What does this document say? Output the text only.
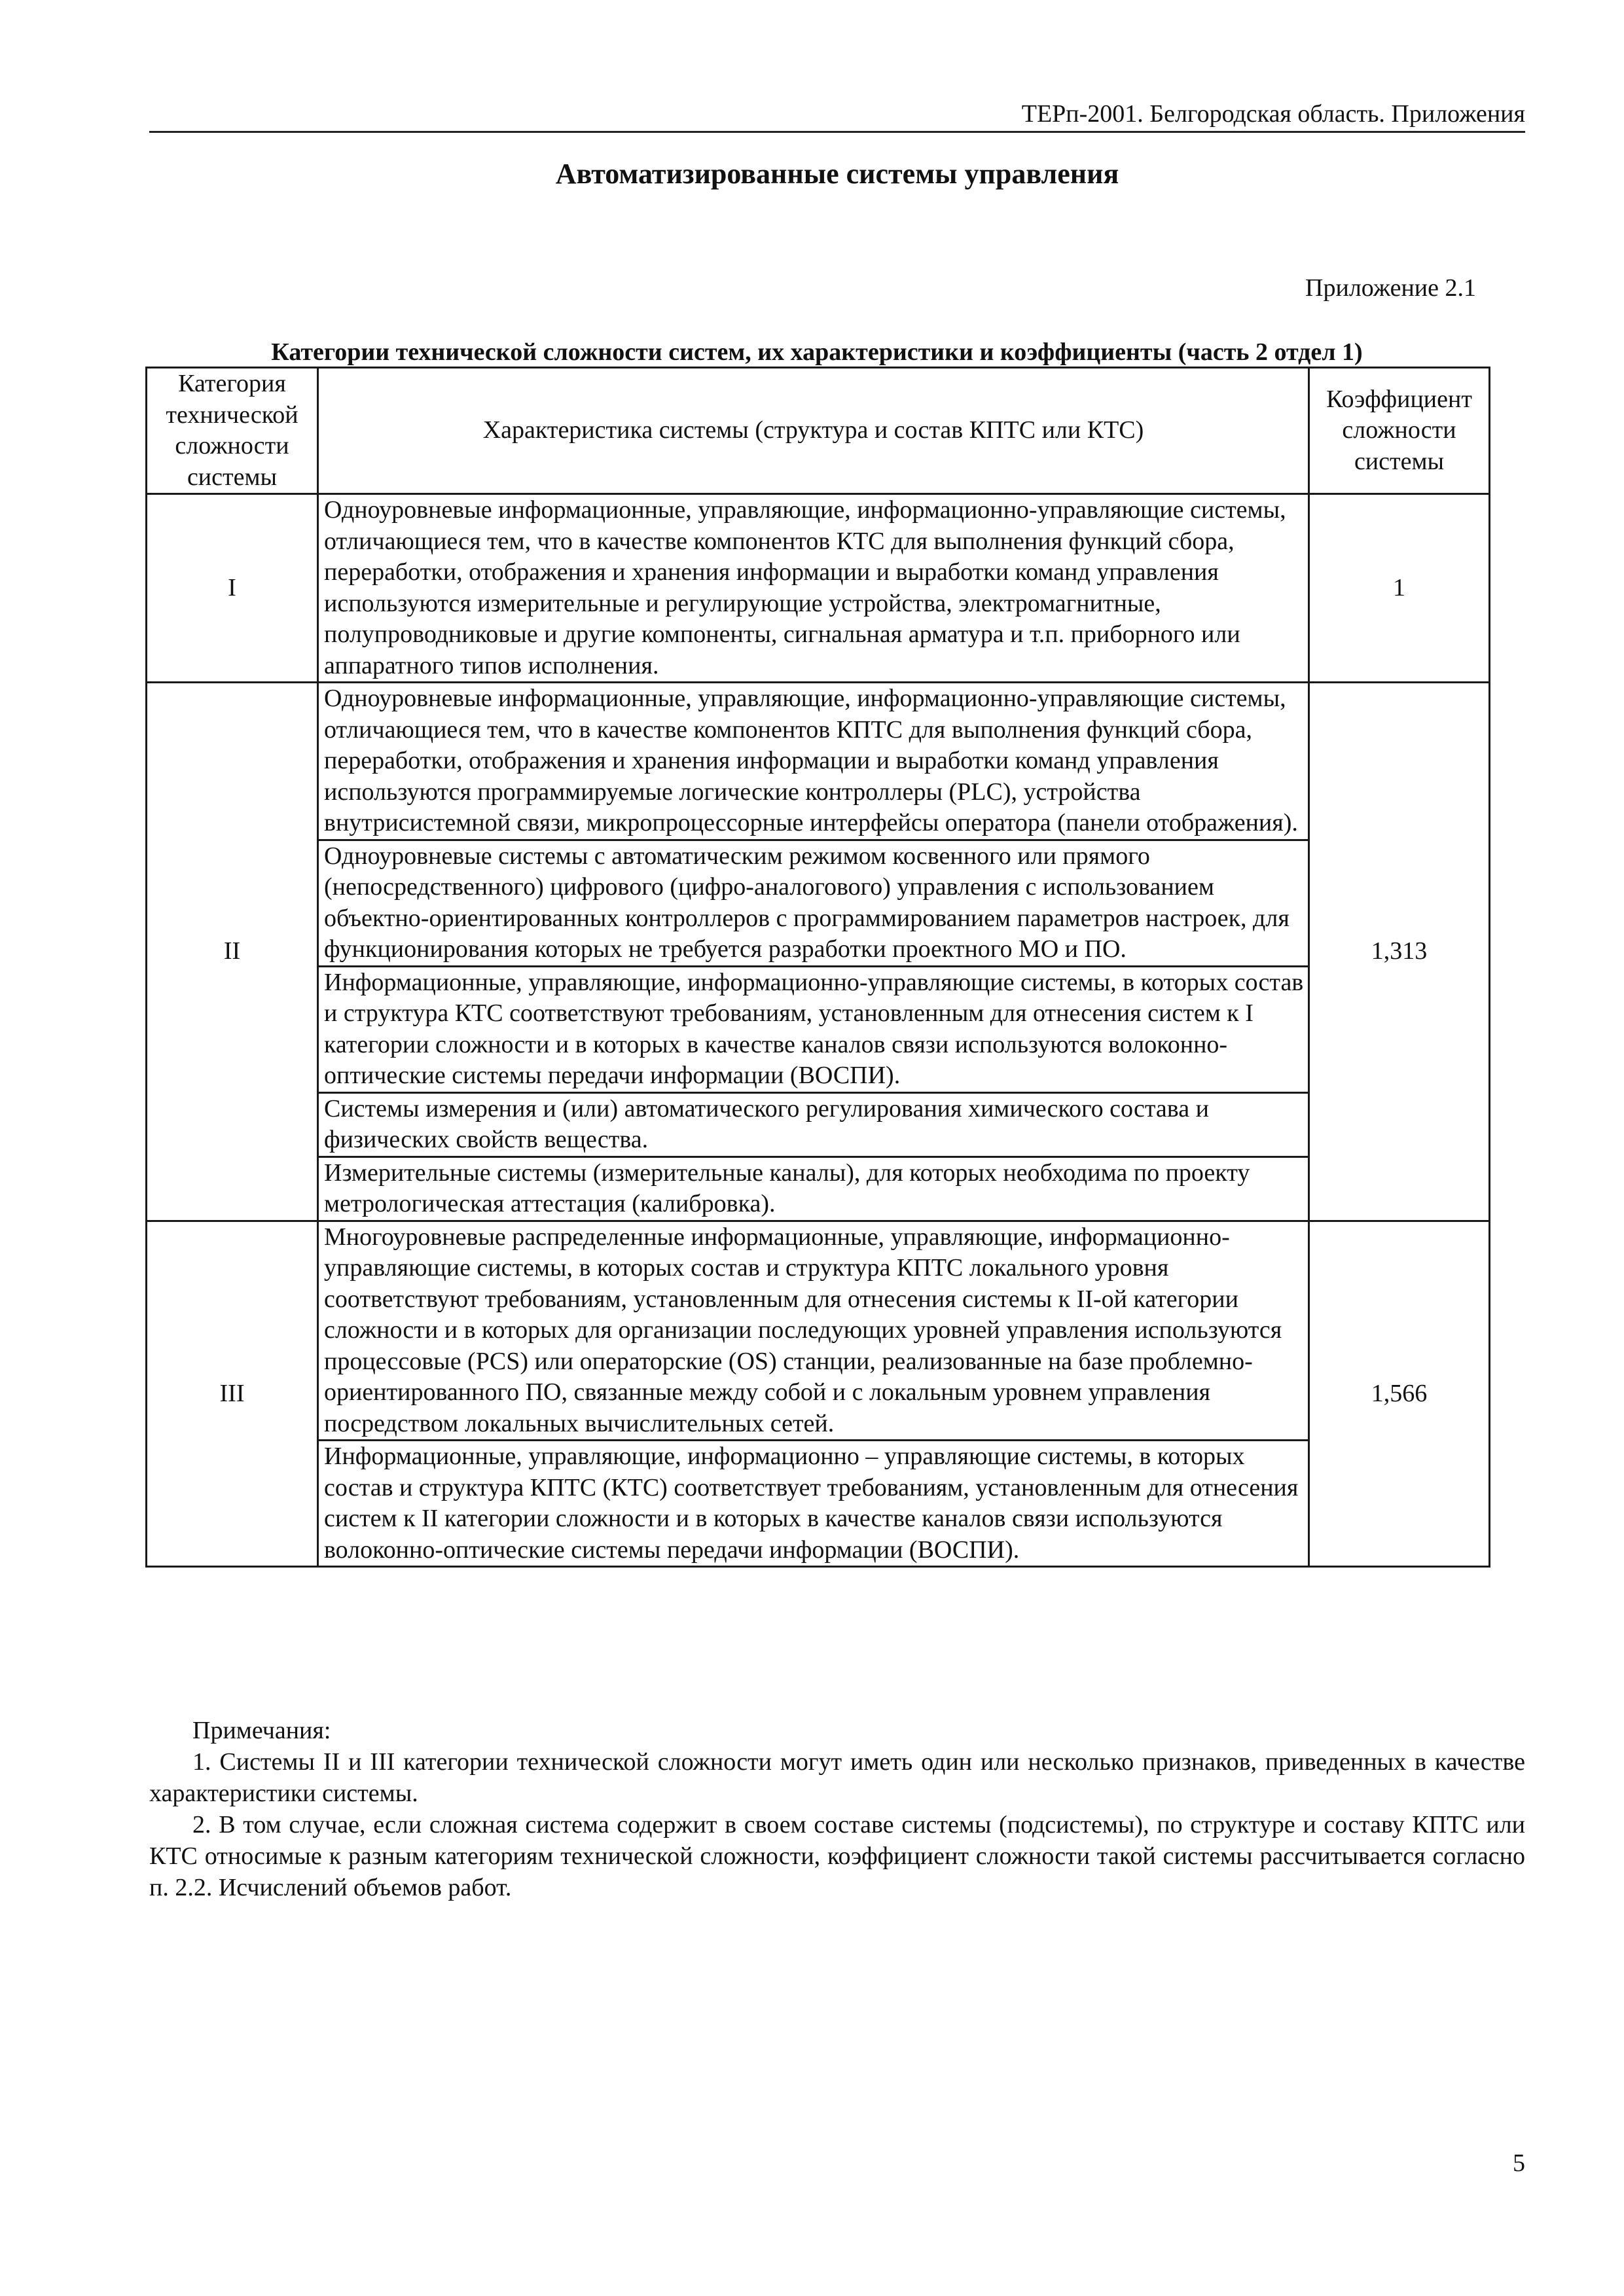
ТЕРп-2001. Белгородская область. Приложения
Автоматизированные системы управления
Приложение 2.1
Категории технической сложности систем, их характеристики и коэффициенты (часть 2 отдел 1)
Категория технической сложности системы	Характеристика системы (структура и состав КПТС или КТС)	Коэффициент сложности системы
I	Одноуровневые информационные, управляющие, информационно-управляющие системы, отличающиеся тем, что в качестве компонентов КТС для выполнения функций сбора, переработки, отображения и хранения информации и выработки команд управления используются измерительные и регулирующие устройства, электромагнитные, полупроводниковые и другие компоненты, сигнальная арматура и т.п. приборного или аппаратного типов исполнения.	1
II	Одноуровневые информационные, управляющие, информационно-управляющие системы, отличающиеся тем, что в качестве компонентов КПТС для выполнения функций сбора, переработки, отображения и хранения информации и выработки команд управления используются программируемые логические контроллеры (PLC), устройства внутрисистемной связи, микропроцессорные интерфейсы оператора (панели отображения).	1,313
	Одноуровневые системы с автоматическим режимом косвенного или прямого (непосредственного) цифрового (цифро-аналогового) управления с использованием объектно-ориентированных контроллеров с программированием параметров настроек, для функционирования которых не требуется разработки проектного МО и ПО.	
	Информационные, управляющие, информационно-управляющие системы, в которых состав и структура КТС соответствуют требованиям, установленным для отнесения систем к I категории сложности и в которых в качестве каналов связи используются волоконно-оптические системы передачи информации (ВОСПИ).	
	Системы измерения и (или) автоматического регулирования химического состава и физических свойств вещества.	
	Измерительные системы (измерительные каналы), для которых необходима по проекту метрологическая аттестация (калибровка).	
III	Многоуровневые распределенные информационные, управляющие, информационно-управляющие системы, в которых состав и структура КПТС локального уровня соответствуют требованиям, установленным для отнесения системы к II-ой категории сложности и в которых для организации последующих уровней управления используются процессовые (PCS) или операторские (OS) станции, реализованные на базе проблемно-ориентированного ПО, связанные между собой и с локальным уровнем управления посредством локальных вычислительных сетей.	1,566
	Информационные, управляющие, информационно – управляющие системы, в которых состав и структура КПТС (КТС) соответствует требованиям, установленным для отнесения систем к II категории сложности и в которых в качестве каналов связи используются волоконно-оптические системы передачи информации (ВОСПИ).	
Примечания:
1. Системы II и III категории технической сложности могут иметь один или несколько признаков, приведенных в качестве характеристики системы.
2. В том случае, если сложная система содержит в своем составе системы (подсистемы), по структуре и составу КПТС или КТС относимые к разным категориям технической сложности, коэффициент сложности такой системы рассчитывается согласно п. 2.2. Исчислений объемов работ.
5
